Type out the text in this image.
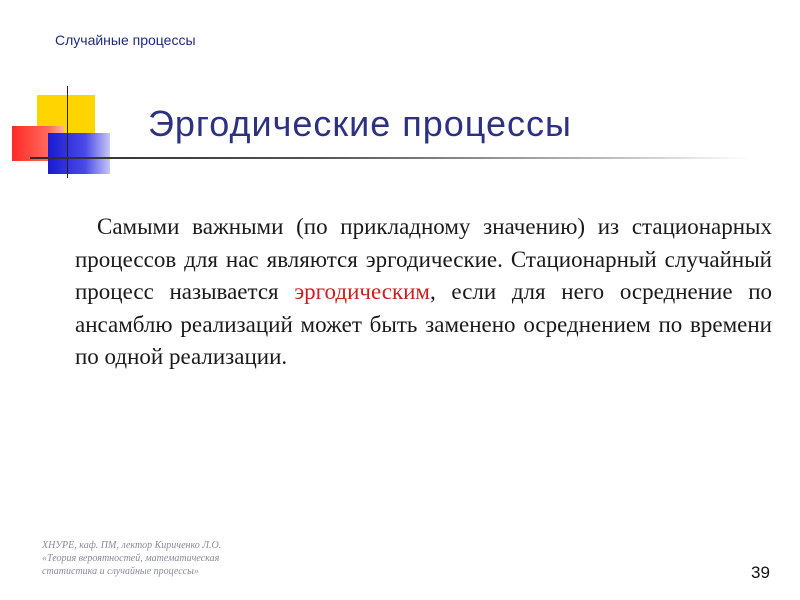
Случайные процессы
Эргодические процессы

Самыми важными (по прикладному значению) из стационарных процессов для нас являются эргодические. Стационарный случайный процесс называется эргодическим, если для него осреднение по ансамблю реализаций может быть заменено осреднением по времени по одной реализации.

ХНУРЕ, каф. ПМ, лектор Кириченко Л.О.
«Теория вероятностей, математическая
статистика и случайные процессы»	39
